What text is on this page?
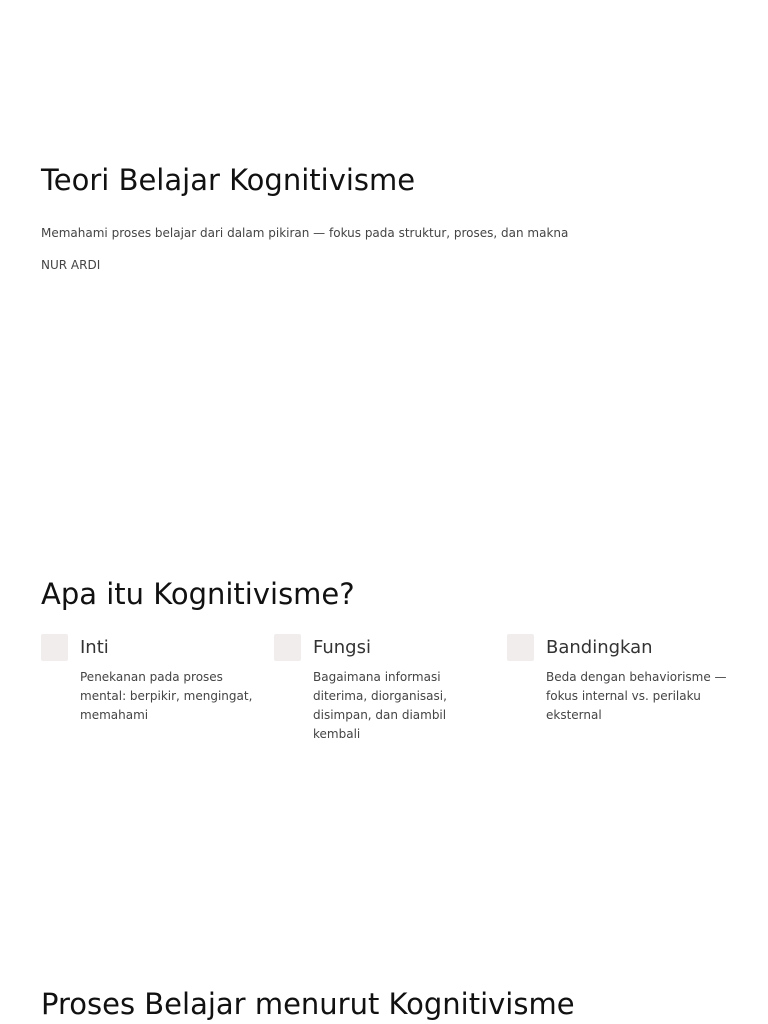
Teori Belajar Kognitivisme

Memahami proses belajar dari dalam pikiran — fokus pada struktur, proses, dan makna

NUR ARDI

Apa itu Kognitivisme?
Inti

Penekanan pada proses mental: berpikir, mengingat, memahami

Fungsi

Bagaimana informasi diterima, diorganisasi, disimpan, dan diambil kembali

Bandingkan

Beda dengan behaviorisme — fokus internal vs. perilaku eksternal

Proses Belajar menurut Kognitivisme
